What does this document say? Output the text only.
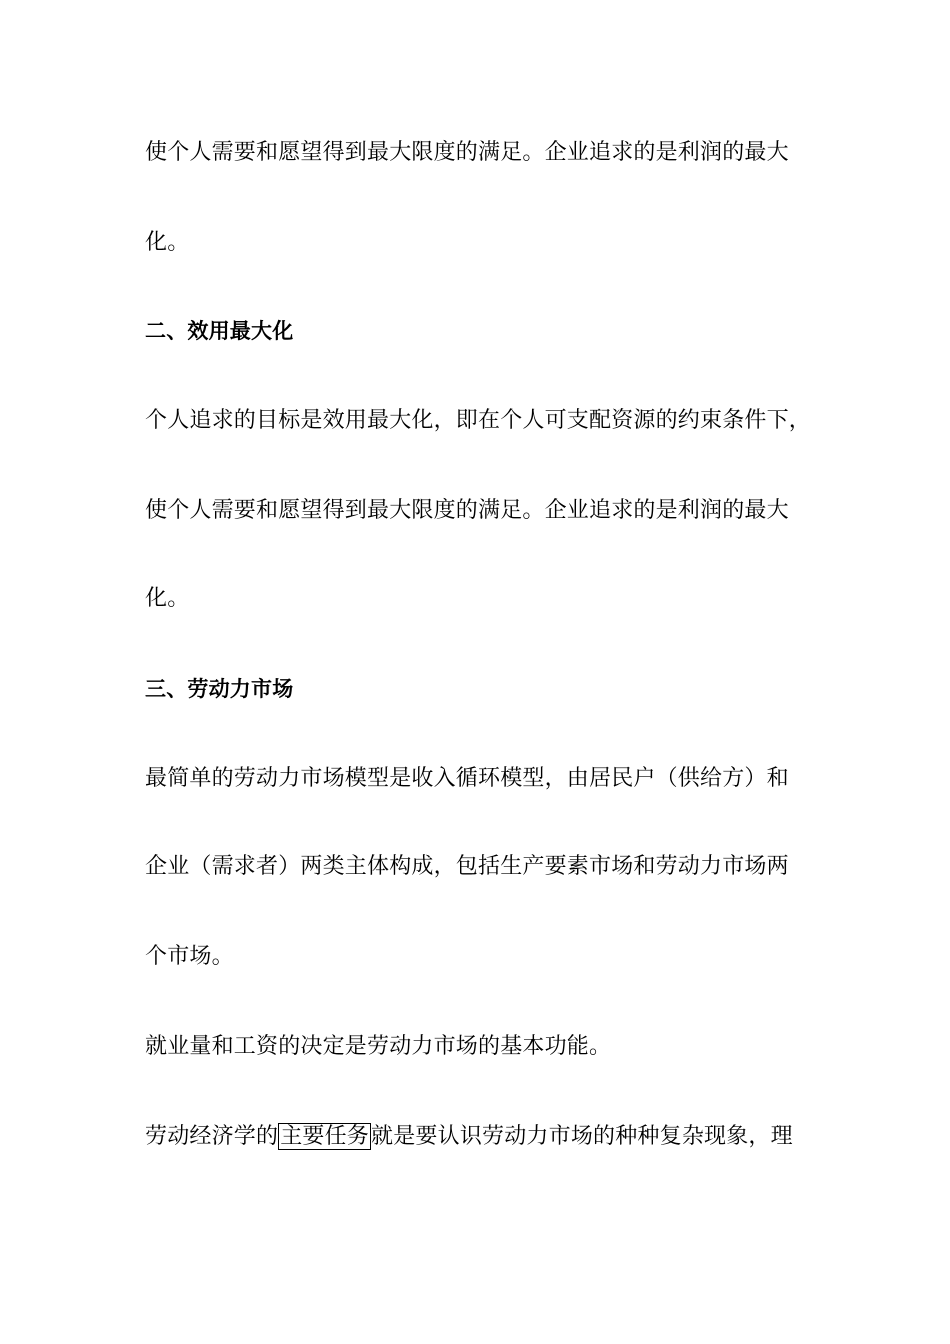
使个人需要和愿望得到最大限度的满足。企业追求的是利润的最大
化。
二、效用最大化
个人追求的目标是效用最大化，即在个人可支配资源的约束条件下，
使个人需要和愿望得到最大限度的满足。企业追求的是利润的最大
化。
三、劳动力市场
最简单的劳动力市场模型是收入循环模型，由居民户（供给方）和
企业（需求者）两类主体构成，包括生产要素市场和劳动力市场两
个市场。
就业量和工资的决定是劳动力市场的基本功能。
劳动经济学的主要任务就是要认识劳动力市场的种种复杂现象，理
